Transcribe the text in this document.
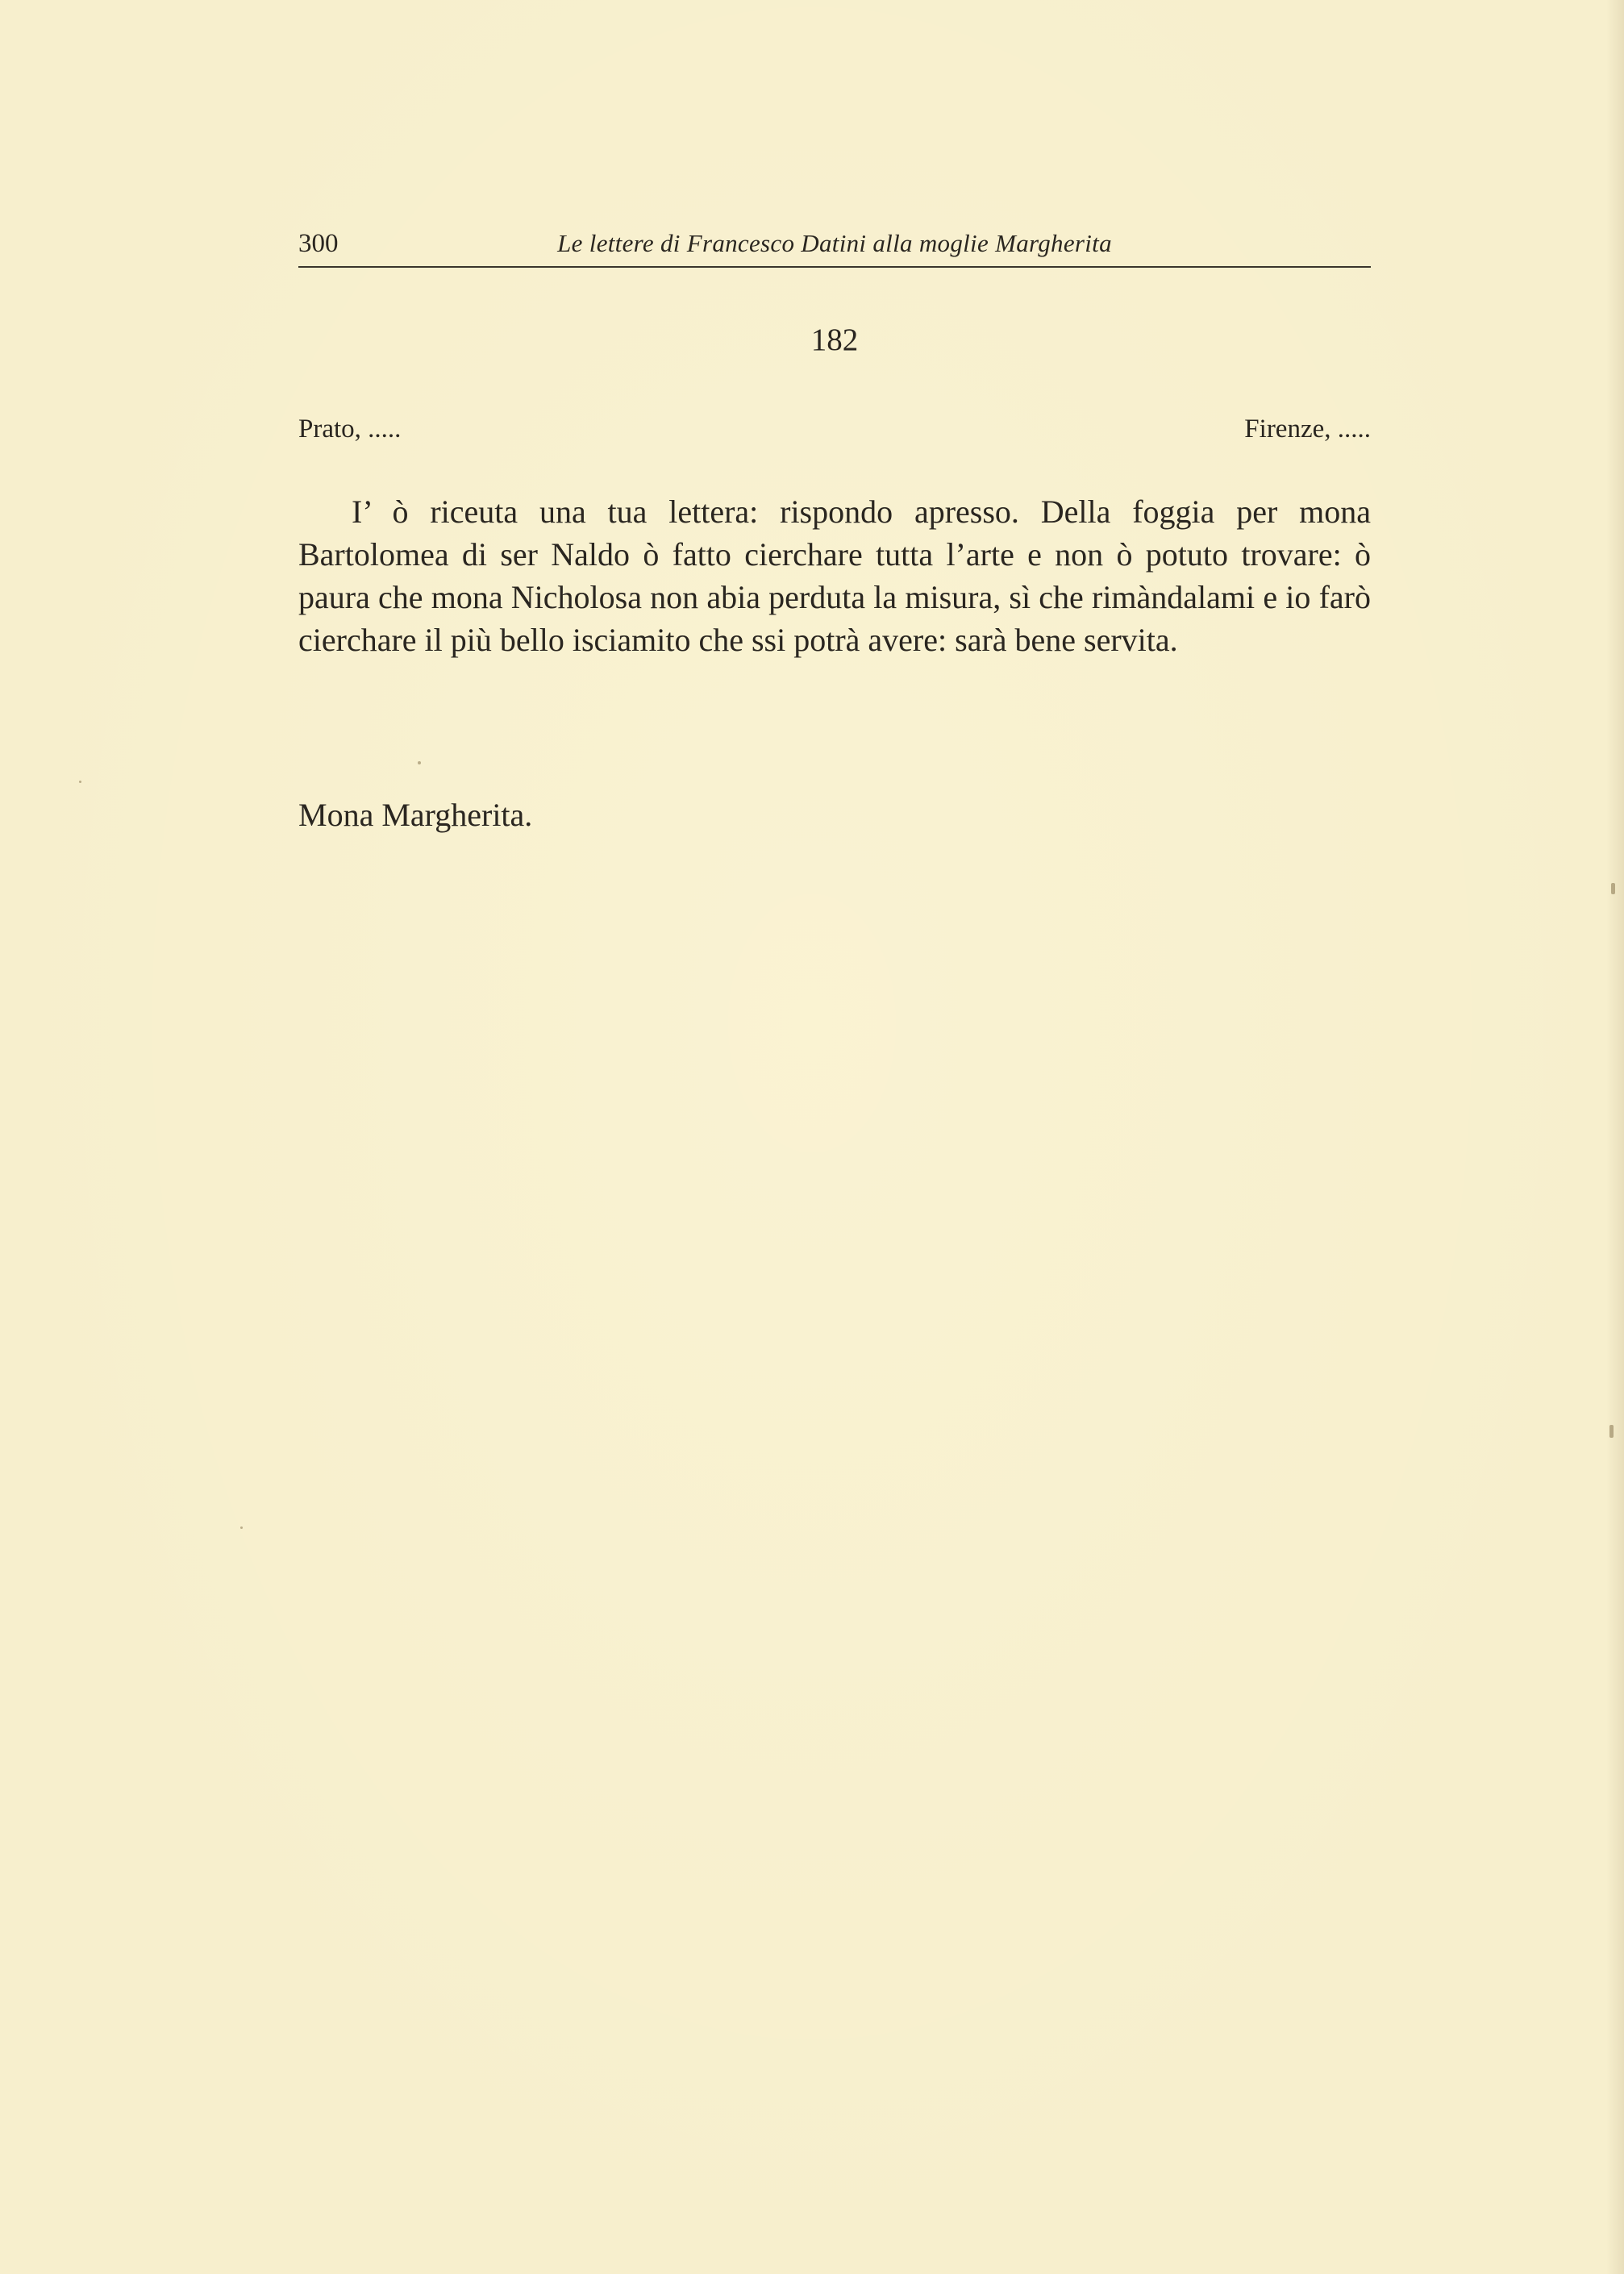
300	Le lettere di Francesco Datini alla moglie Margherita
182
Prato, .....	Firenze, .....

I’ ò riceuta una tua lettera: rispondo apresso. Della foggia per mona Bartolomea di ser Naldo ò fatto cierchare tutta l’arte e non ò potuto trovare: ò paura che mona Nicholosa non abia perduta la misura, sì che rimàndalami e io farò cierchare il più bello isciamito che ssi potrà avere: sarà bene servita.

Mona Margherita.
